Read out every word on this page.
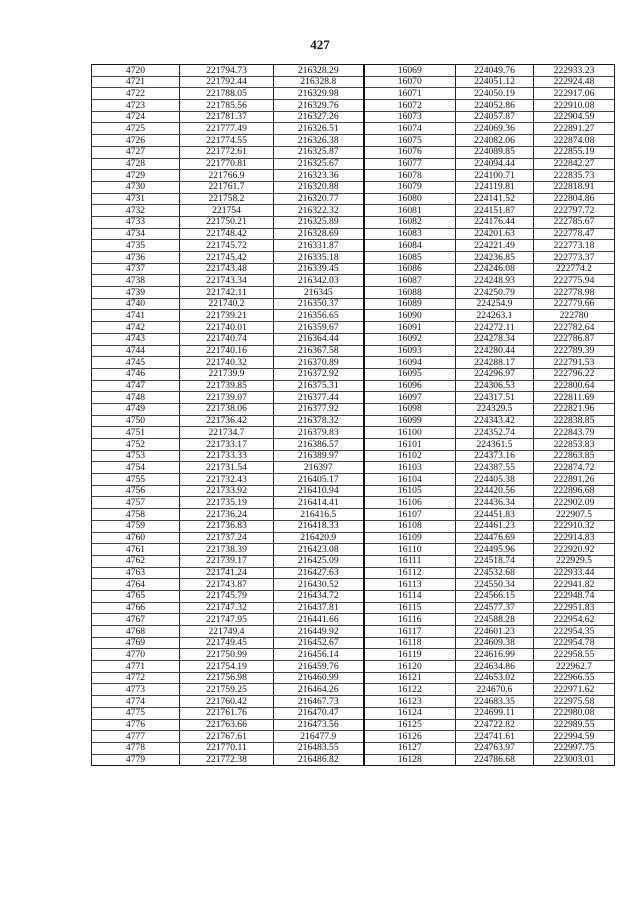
427
4720	221794.73	216328.29	16069	224049.76	222933.23
4721	221792.44	216328.8	16070	224051.12	222924.48
4722	221788.05	216329.98	16071	224050.19	222917.06
4723	221785.56	216329.76	16072	224052.86	222910.08
4724	221781.37	216327.26	16073	224057.87	222904.59
4725	221777.49	216326.51	16074	224069.36	222891.27
4726	221774.55	216326.38	16075	224082.06	222874.08
4727	221772.61	216325.87	16076	224089.85	222855.19
4728	221770.81	216325.67	16077	224094.44	222842.27
4729	221766.9	216323.36	16078	224100.71	222835.73
4730	221761.7	216320.88	16079	224119.81	222818.91
4731	221758.2	216320.77	16080	224141.52	222804.86
4732	221754	216322.32	16081	224151.87	222797.72
4733	221750.21	216325.89	16082	224176.44	222785.67
4734	221748.42	216328.69	16083	224201.63	222778.47
4735	221745.72	216331.87	16084	224221.49	222773.18
4736	221745.42	216335.18	16085	224236.85	222773.37
4737	221743.48	216339.45	16086	224246.08	222774.2
4738	221743.34	216342.03	16087	224248.93	222775.94
4739	221742.11	216345	16088	224250.79	222778.98
4740	221740.2	216350.37	16089	224254.9	222779.66
4741	221739.21	216356.65	16090	224263.1	222780
4742	221740.01	216359.67	16091	224272.11	222782.64
4743	221740.74	216364.44	16092	224278.34	222786.87
4744	221740.16	216367.58	16093	224280.44	222789.39
4745	221740.32	216370.89	16094	224288.17	222791.53
4746	221739.9	216372.92	16095	224296.97	222796.22
4747	221739.85	216375.31	16096	224306.53	222800.64
4748	221739.07	216377.44	16097	224317.51	222811.69
4749	221738.06	216377.92	16098	224329.5	222821.96
4750	221736.42	216378.32	16099	224343.42	222838.85
4751	221734.7	216379.83	16100	224352.74	222843.79
4752	221733.17	216386.57	16101	224361.5	222853.83
4753	221733.33	216389.97	16102	224373.16	222863.85
4754	221731.54	216397	16103	224387.55	222874.72
4755	221732.43	216405.17	16104	224405.38	222891.26
4756	221733.92	216410.94	16105	224420.56	222896.68
4757	221735.19	216414.41	16106	224436.34	222902.09
4758	221736.24	216416.5	16107	224451.83	222907.5
4759	221736.83	216418.33	16108	224461.23	222910.32
4760	221737.24	216420.9	16109	224476.69	222914.83
4761	221738.39	216423.08	16110	224495.96	222920.92
4762	221739.17	216425.09	16111	224518.74	222929.5
4763	221741.24	216427.63	16112	224532.68	222933.44
4764	221743.87	216430.52	16113	224550.34	222941.82
4765	221745.79	216434.72	16114	224566.15	222948.74
4766	221747.32	216437.81	16115	224577.37	222951.83
4767	221747.95	216441.66	16116	224588.28	222954.62
4768	221749.4	216449.92	16117	224601.23	222954.35
4769	221749.45	216452.67	16118	224609.38	222954.78
4770	221750.99	216456.14	16119	224616.99	222958.55
4771	221754.19	216459.76	16120	224634.86	222962.7
4772	221756.98	216460.99	16121	224653.02	222966.55
4773	221759.25	216464.26	16122	224670.6	222971.62
4774	221760.42	216467.73	16123	224683.35	222975.58
4775	221761.76	216470.47	16124	224699.11	222980.08
4776	221763.66	216473.56	16125	224722.82	222989.55
4777	221767.61	216477.9	16126	224741.61	222994.59
4778	221770.11	216483.55	16127	224763.97	222997.75
4779	221772.38	216486.82	16128	224786.68	223003.01
